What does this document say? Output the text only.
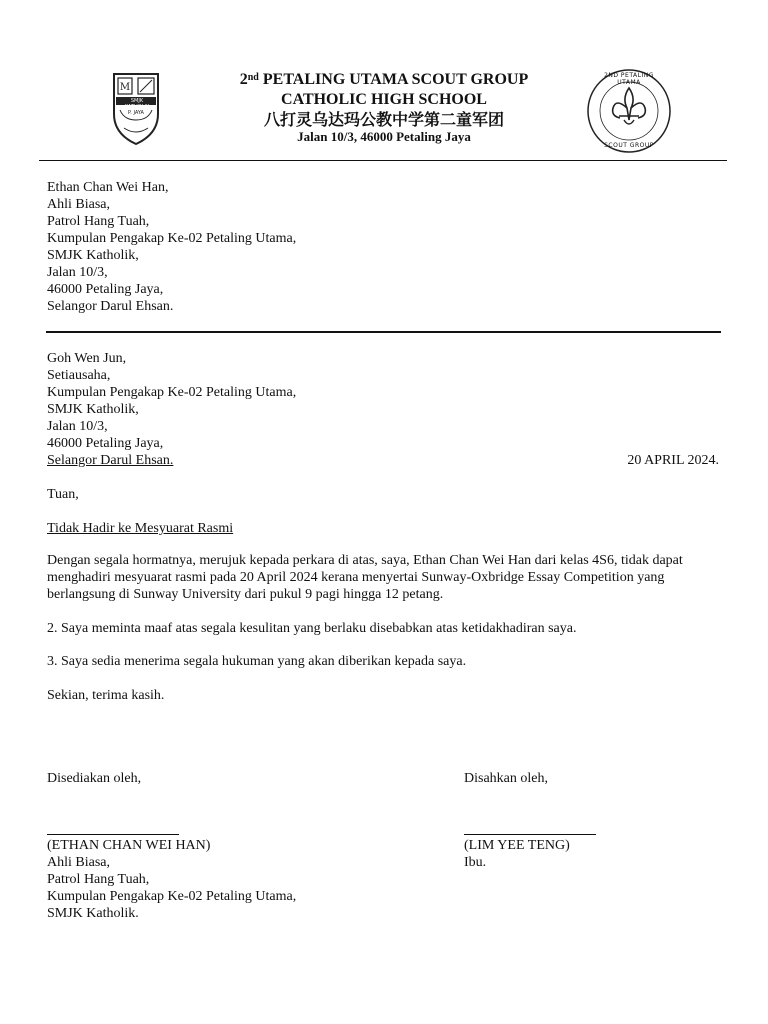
M
SMJK KATHOLIK
P. JAYA
2nd PETALING UTAMA SCOUT GROUP
CATHOLIC HIGH SCHOOL
八打灵乌达玛公教中学第二童军团
Jalan 10/3, 46000 Petaling Jaya
2ND PETALING UTAMA
SCOUT GROUP
Ethan Chan Wei Han,
Ahli Biasa,
Patrol Hang Tuah,
Kumpulan Pengakap Ke-02 Petaling Utama,
SMJK Katholik,
Jalan 10/3,
46000 Petaling Jaya,
Selangor Darul Ehsan.
Goh Wen Jun,
Setiausaha,
Kumpulan Pengakap Ke-02 Petaling Utama,
SMJK Katholik,
Jalan 10/3,
46000 Petaling Jaya,
Selangor Darul Ehsan.	20 APRIL 2024.
Tuan,
Tidak Hadir ke Mesyuarat Rasmi
Dengan segala hormatnya, merujuk kepada perkara di atas, saya, Ethan Chan Wei Han dari kelas 4S6, tidak dapat menghadiri mesyuarat rasmi pada 20 April 2024 kerana menyertai Sunway-Oxbridge Essay Competition yang berlangsung di Sunway University dari pukul 9 pagi hingga 12 petang.
2. Saya meminta maaf atas segala kesulitan yang berlaku disebabkan atas ketidakhadiran saya.
3. Saya sedia menerima segala hukuman yang akan diberikan kepada saya.
Sekian, terima kasih.
Disediakan oleh,
(ETHAN CHAN WEI HAN)
Ahli Biasa,
Patrol Hang Tuah,
Kumpulan Pengakap Ke-02 Petaling Utama,
SMJK Katholik.
Disahkan oleh,
(LIM YEE TENG)
Ibu.
